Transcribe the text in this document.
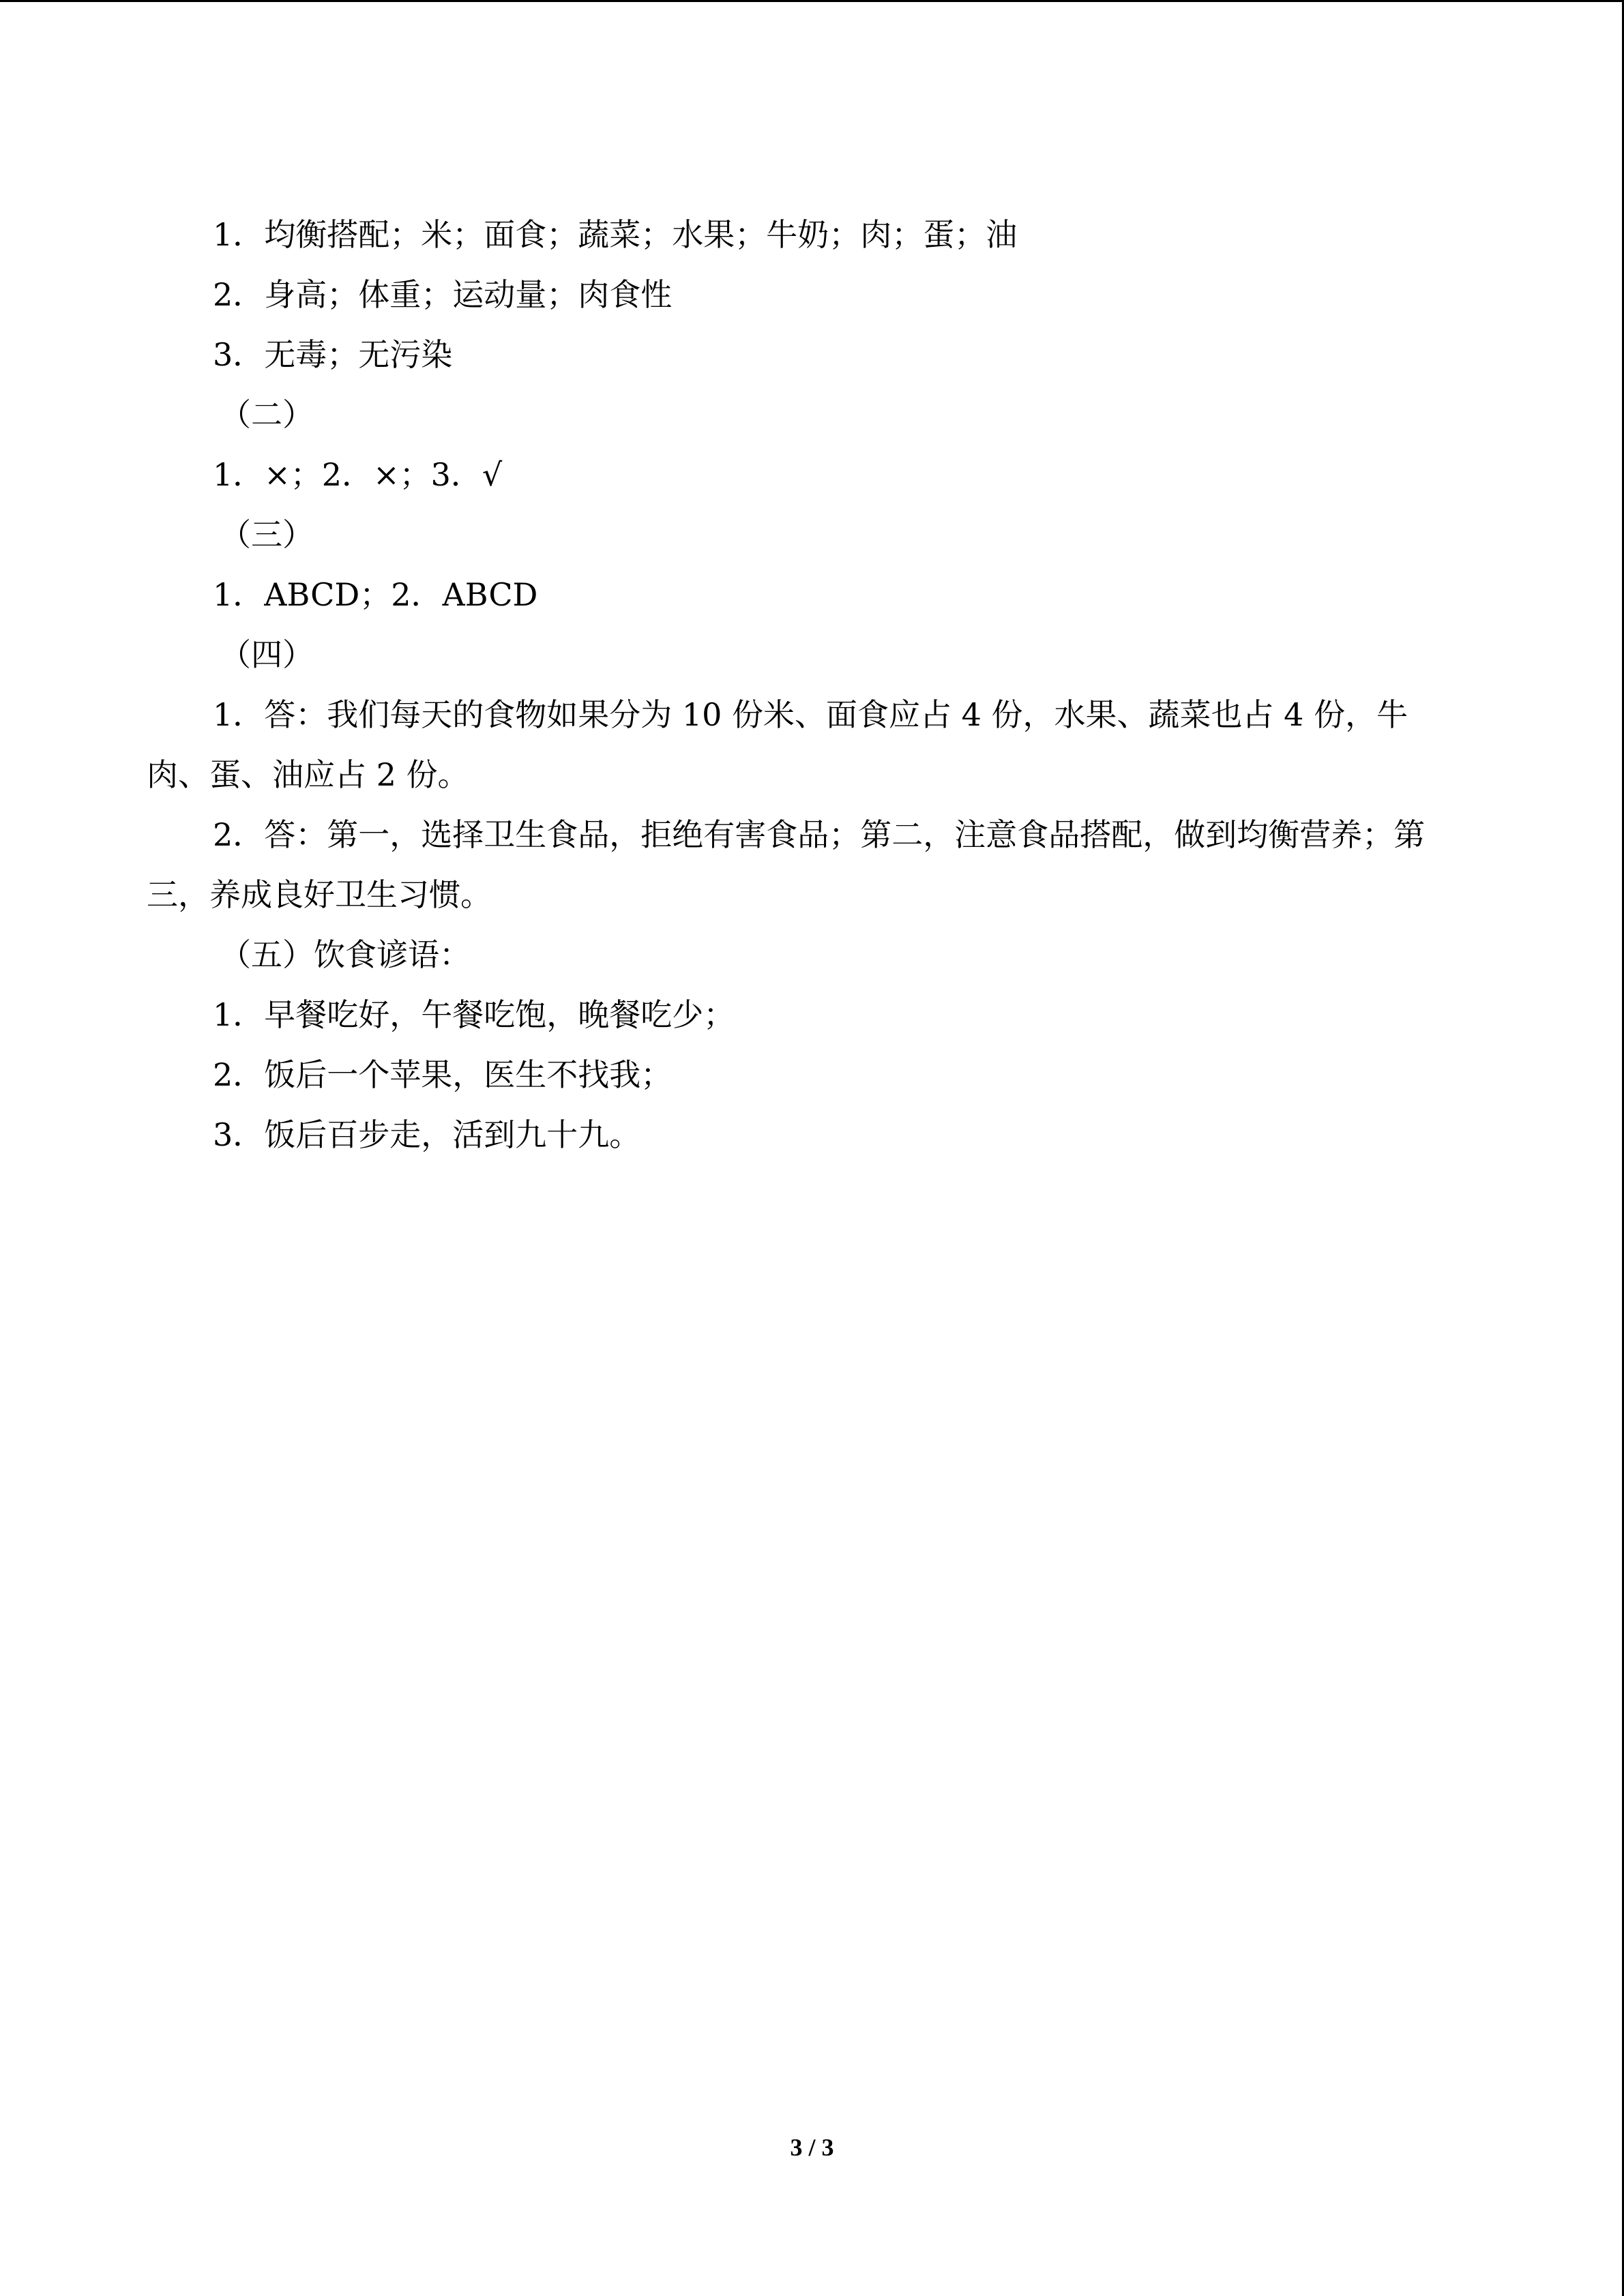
1．均衡搭配；米；面食；蔬菜；水果；牛奶；肉；蛋；油
2．身高；体重；运动量；肉食性
3．无毒；无污染
（二）
1．×；2．×；3．√
（三）
1．ABCD；2．ABCD
（四）
1．答：我们每天的食物如果分为 10 份米、面食应占 4 份，水果、蔬菜也占 4 份，牛
肉、蛋、油应占 2 份。
2．答：第一，选择卫生食品，拒绝有害食品；第二，注意食品搭配，做到均衡营养；第
三，养成良好卫生习惯。
（五）饮食谚语：
1．早餐吃好，午餐吃饱，晚餐吃少；
2．饭后一个苹果，医生不找我；
3．饭后百步走，活到九十九。
3 / 3
